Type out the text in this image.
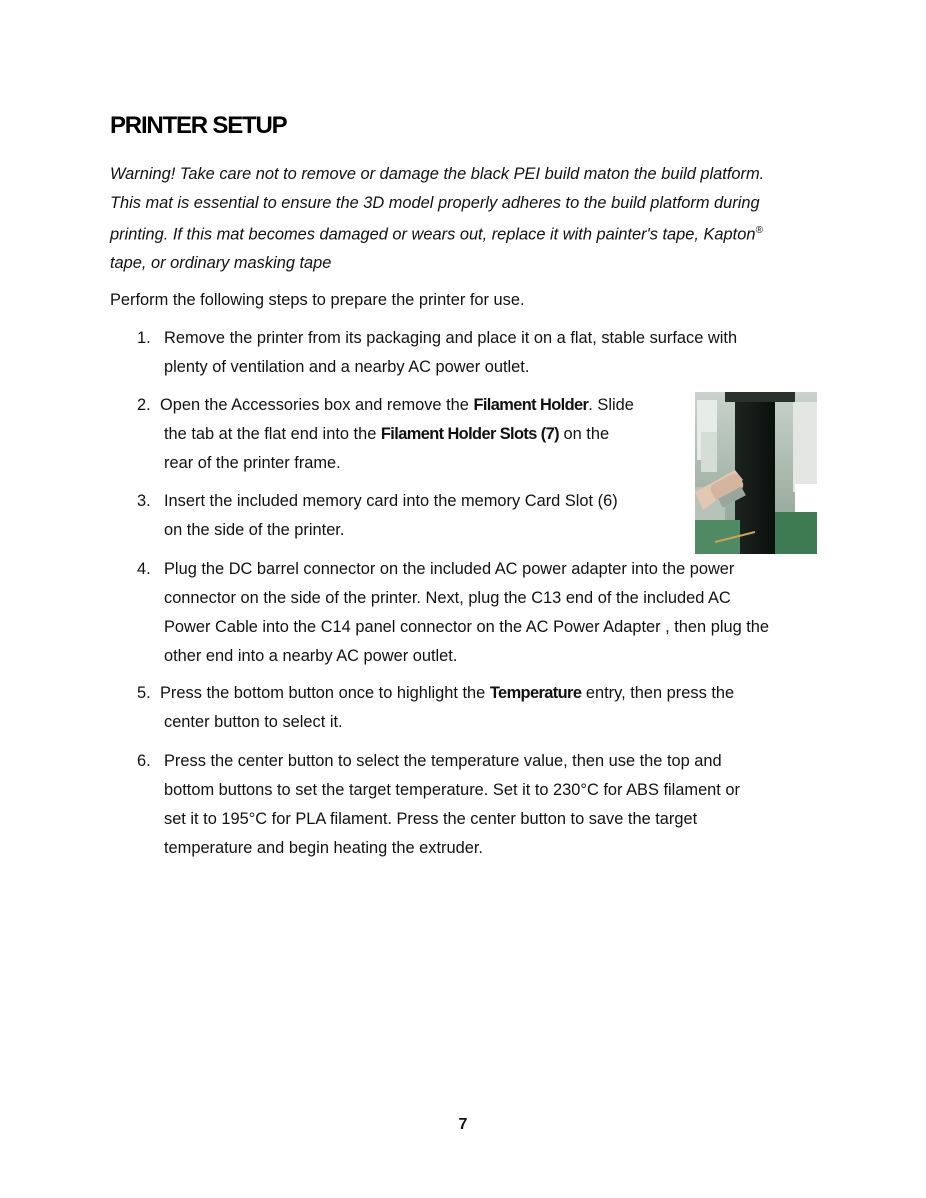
PRINTER SETUP
Warning! Take care not to remove or damage the black PEI build maton the build platform.
This mat is essential to ensure the 3D model properly adheres to the build platform during
printing. If this mat becomes damaged or wears out, replace it with painter's tape, Kapton®
tape, or ordinary masking tape
Perform the following steps to prepare the printer for use.
1. Remove the printer from its packaging and place it on a flat, stable surface with
plenty of ventilation and a nearby AC power outlet.
2. Open the Accessories box and remove the Filament Holder. Slide
the tab at the flat end into the Filament Holder Slots (7) on the
rear of the printer frame.
3. Insert the included memory card into the memory Card Slot (6)
on the side of the printer.
4. Plug the DC barrel connector on the included AC power adapter into the power
connector on the side of the printer. Next, plug the C13 end of the included AC
Power Cable into the C14 panel connector on the AC Power Adapter , then plug the
other end into a nearby AC power outlet.
5. Press the bottom button once to highlight the Temperature entry, then press the
center button to select it.
6. Press the center button to select the temperature value, then use the top and
bottom buttons to set the target temperature. Set it to 230°C for ABS filament or
set it to 195°C for PLA filament. Press the center button to save the target
temperature and begin heating the extruder.
7
